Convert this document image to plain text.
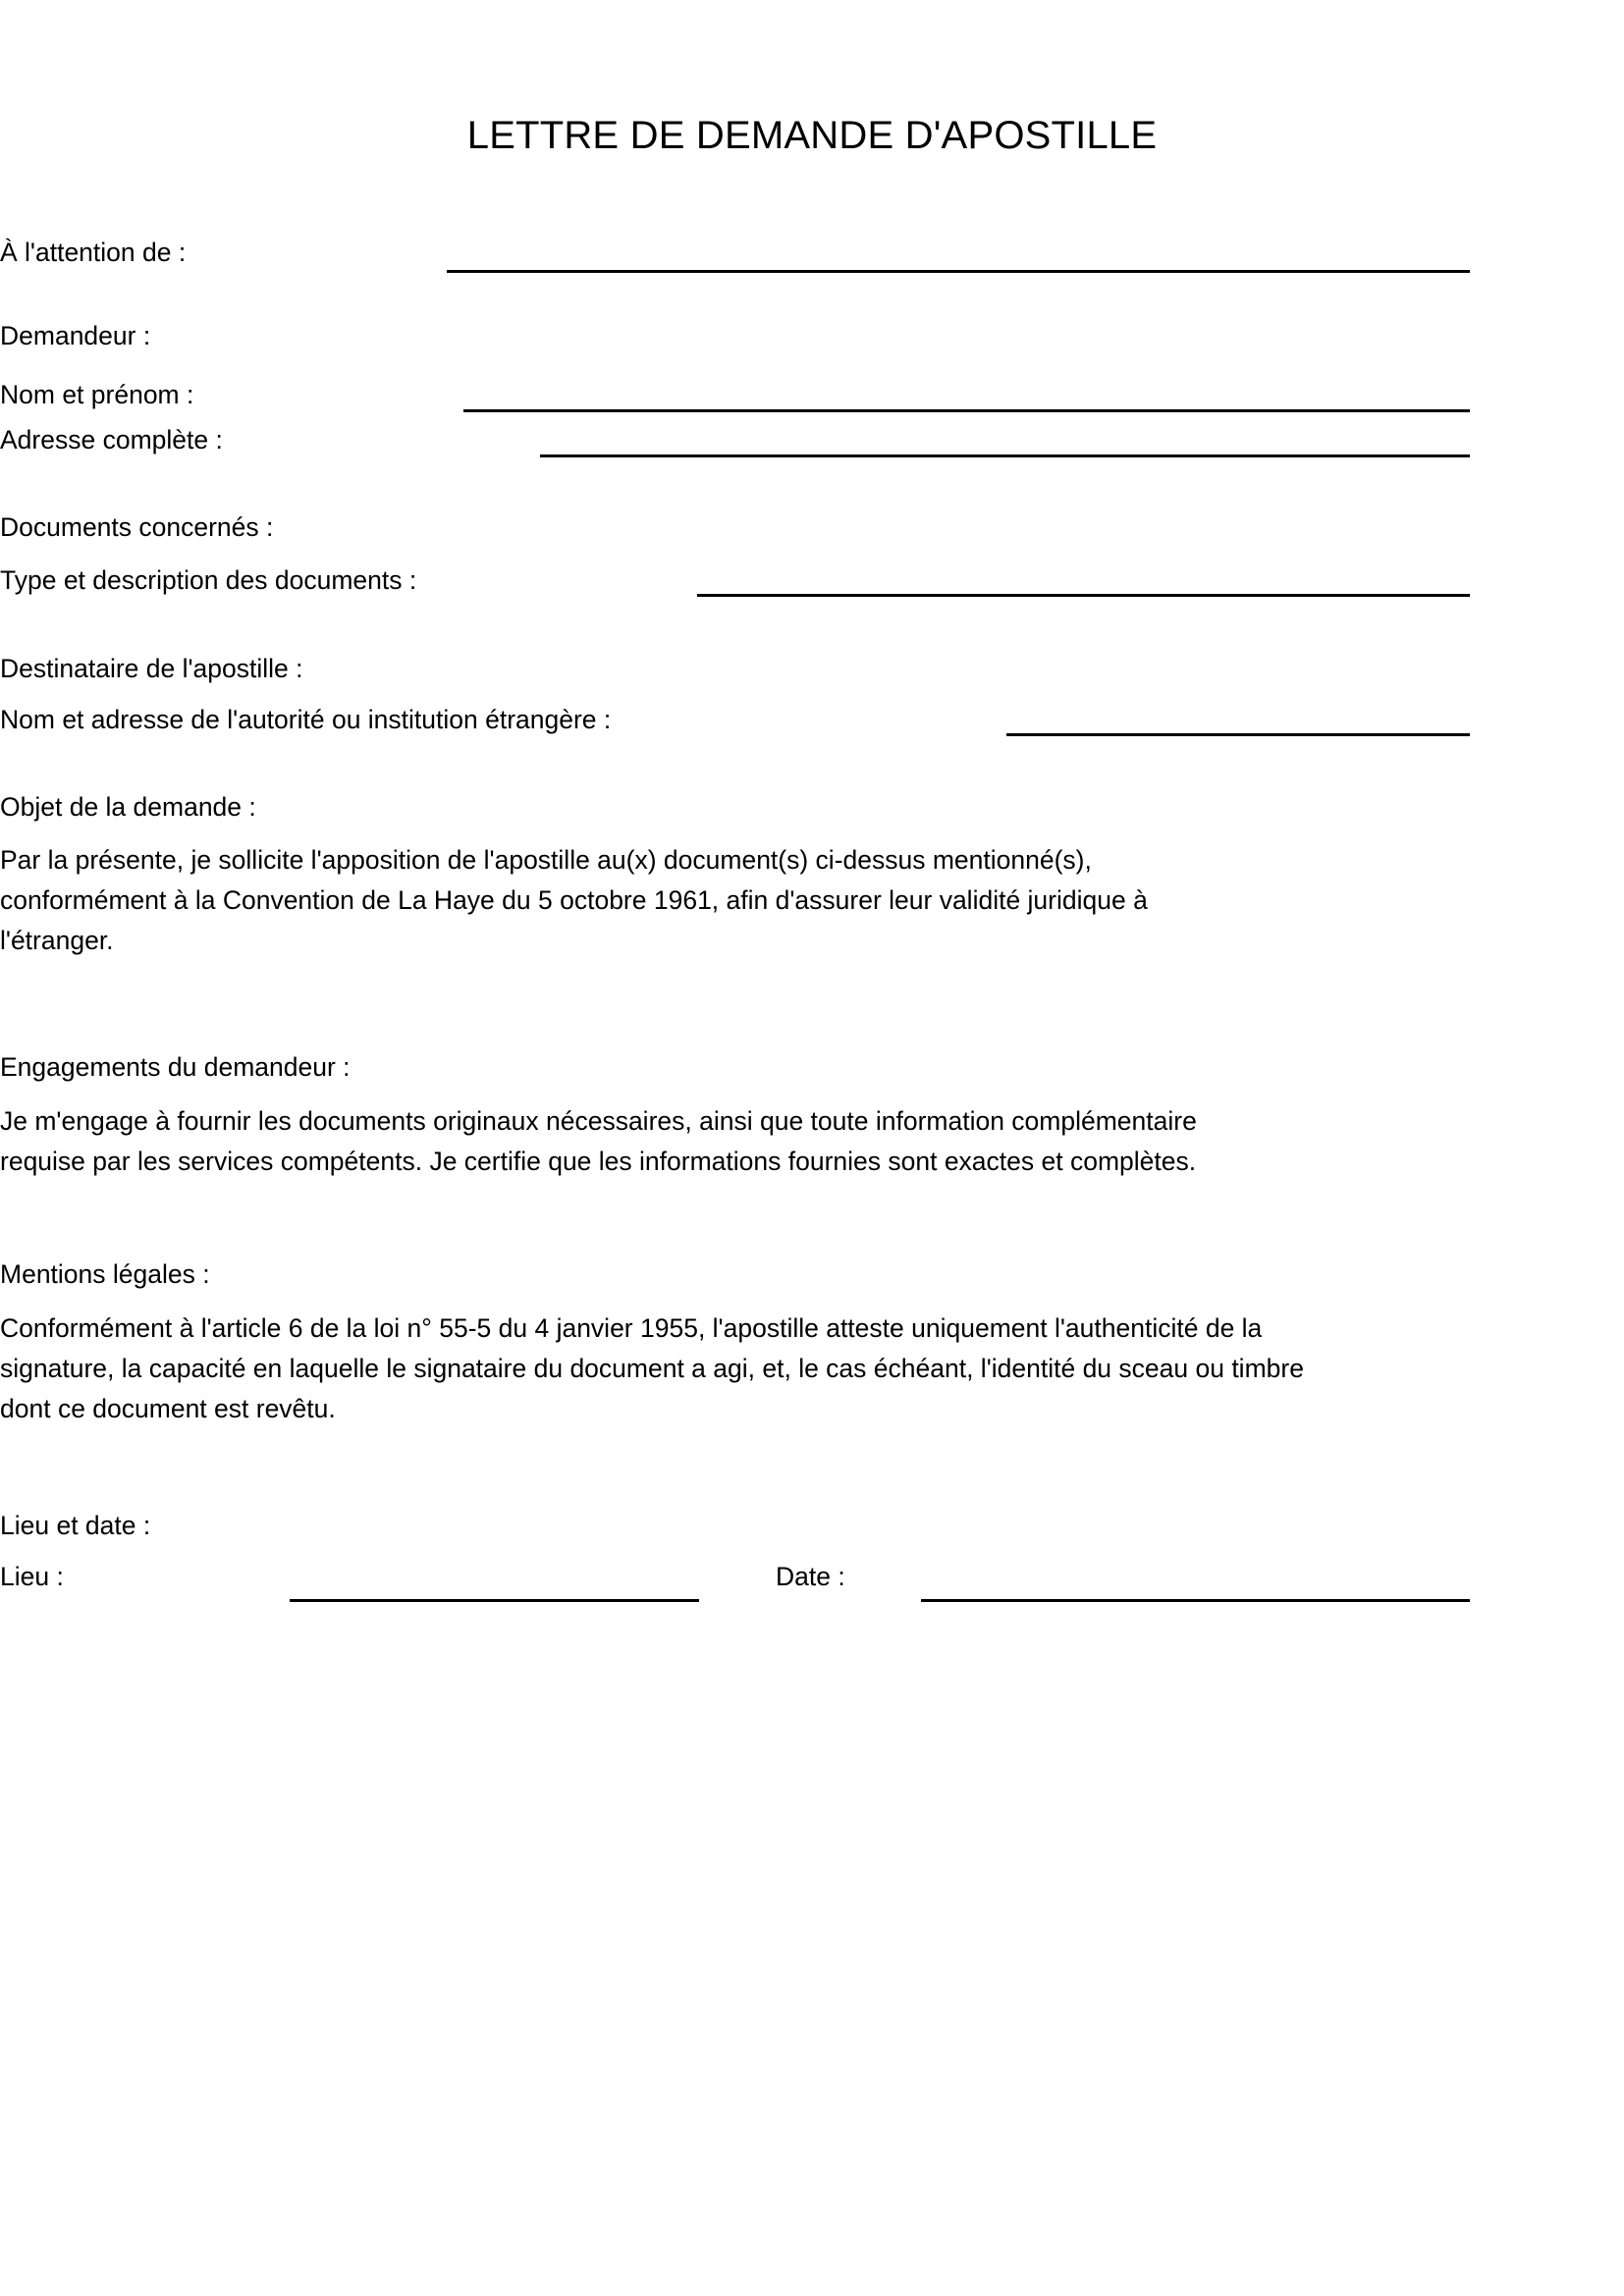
LETTRE DE DEMANDE D'APOSTILLE
À l'attention de :
Demandeur :
Nom et prénom :
Adresse complète :
Documents concernés :
Type et description des documents :
Destinataire de l'apostille :
Nom et adresse de l'autorité ou institution étrangère :
Objet de la demande :

Par la présente, je sollicite l'apposition de l'apostille au(x) document(s) ci-dessus mentionné(s), conformément à la Convention de La Haye du 5 octobre 1961, afin d'assurer leur validité juridique à l'étranger.

Engagements du demandeur :

Je m'engage à fournir les documents originaux nécessaires, ainsi que toute information complémentaire requise par les services compétents. Je certifie que les informations fournies sont exactes et complètes.

Mentions légales :

Conformément à l'article 6 de la loi n° 55-5 du 4 janvier 1955, l'apostille atteste uniquement l'authenticité de la signature, la capacité en laquelle le signataire du document a agi, et, le cas échéant, l'identité du sceau ou timbre dont ce document est revêtu.

Lieu et date :
Lieu :	Date :
